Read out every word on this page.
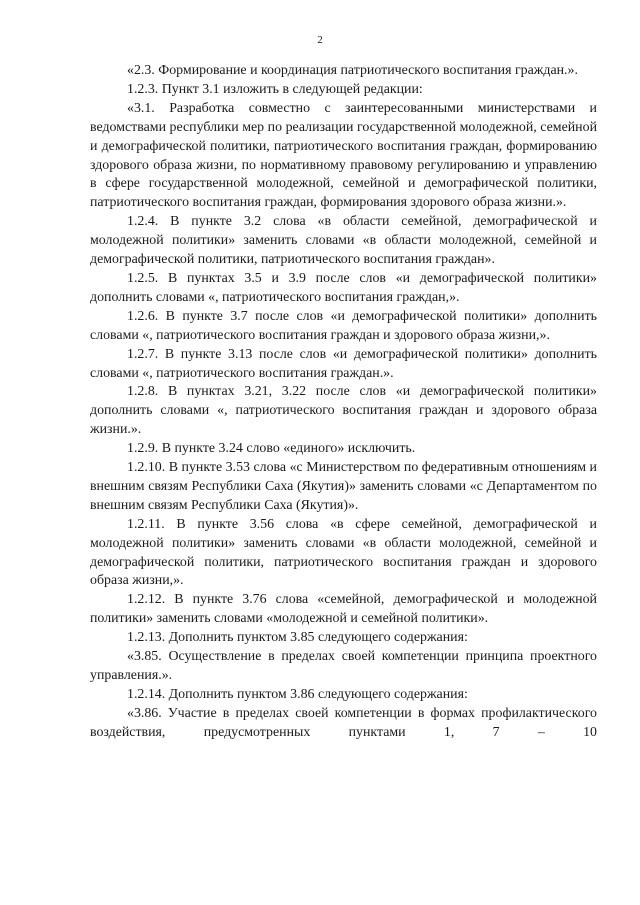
2

«2.3. Формирование и координация патриотического воспитания граждан.».

1.2.3. Пункт 3.1 изложить в следующей редакции:

«3.1. Разработка совместно с заинтересованными министерствами и ведомствами республики мер по реализации государственной молодежной, семейной и демографической политики, патриотического воспитания граждан, формированию здорового образа жизни, по нормативному правовому регулированию и управлению в сфере государственной молодежной, семейной и демографической политики, патриотического воспитания граждан, формирования здорового образа жизни.».

1.2.4. В пункте 3.2 слова «в области семейной, демографической и молодежной политики» заменить словами «в области молодежной, семейной и демографической политики, патриотического воспитания граждан».

1.2.5. В пунктах 3.5 и 3.9 после слов «и демографической политики» дополнить словами «, патриотического воспитания граждан,».

1.2.6. В пункте 3.7 после слов «и демографической политики» дополнить словами «, патриотического воспитания граждан и здорового образа жизни,».

1.2.7. В пункте 3.13 после слов «и демографической политики» дополнить словами «, патриотического воспитания граждан.».

1.2.8. В пунктах 3.21, 3.22 после слов «и демографической политики» дополнить словами «, патриотического воспитания граждан и здорового образа жизни.».

1.2.9. В пункте 3.24 слово «единого» исключить.

1.2.10. В пункте 3.53 слова «с Министерством по федеративным отношениям и внешним связям Республики Саха (Якутия)» заменить словами «с Департаментом по внешним связям Республики Саха (Якутия)».

1.2.11. В пункте 3.56 слова «в сфере семейной, демографической и молодежной политики» заменить словами «в области молодежной, семейной и демографической политики, патриотического воспитания граждан и здорового образа жизни,».

1.2.12. В пункте 3.76 слова «семейной, демографической и молодежной политики» заменить словами «молодежной и семейной политики».

1.2.13. Дополнить пунктом 3.85 следующего содержания:

«3.85. Осуществление в пределах своей компетенции принципа проектного управления.».

1.2.14. Дополнить пунктом 3.86 следующего содержания:

«3.86. Участие в пределах своей компетенции в формах профилактического воздействия, предусмотренных пунктами 1, 7 – 10
